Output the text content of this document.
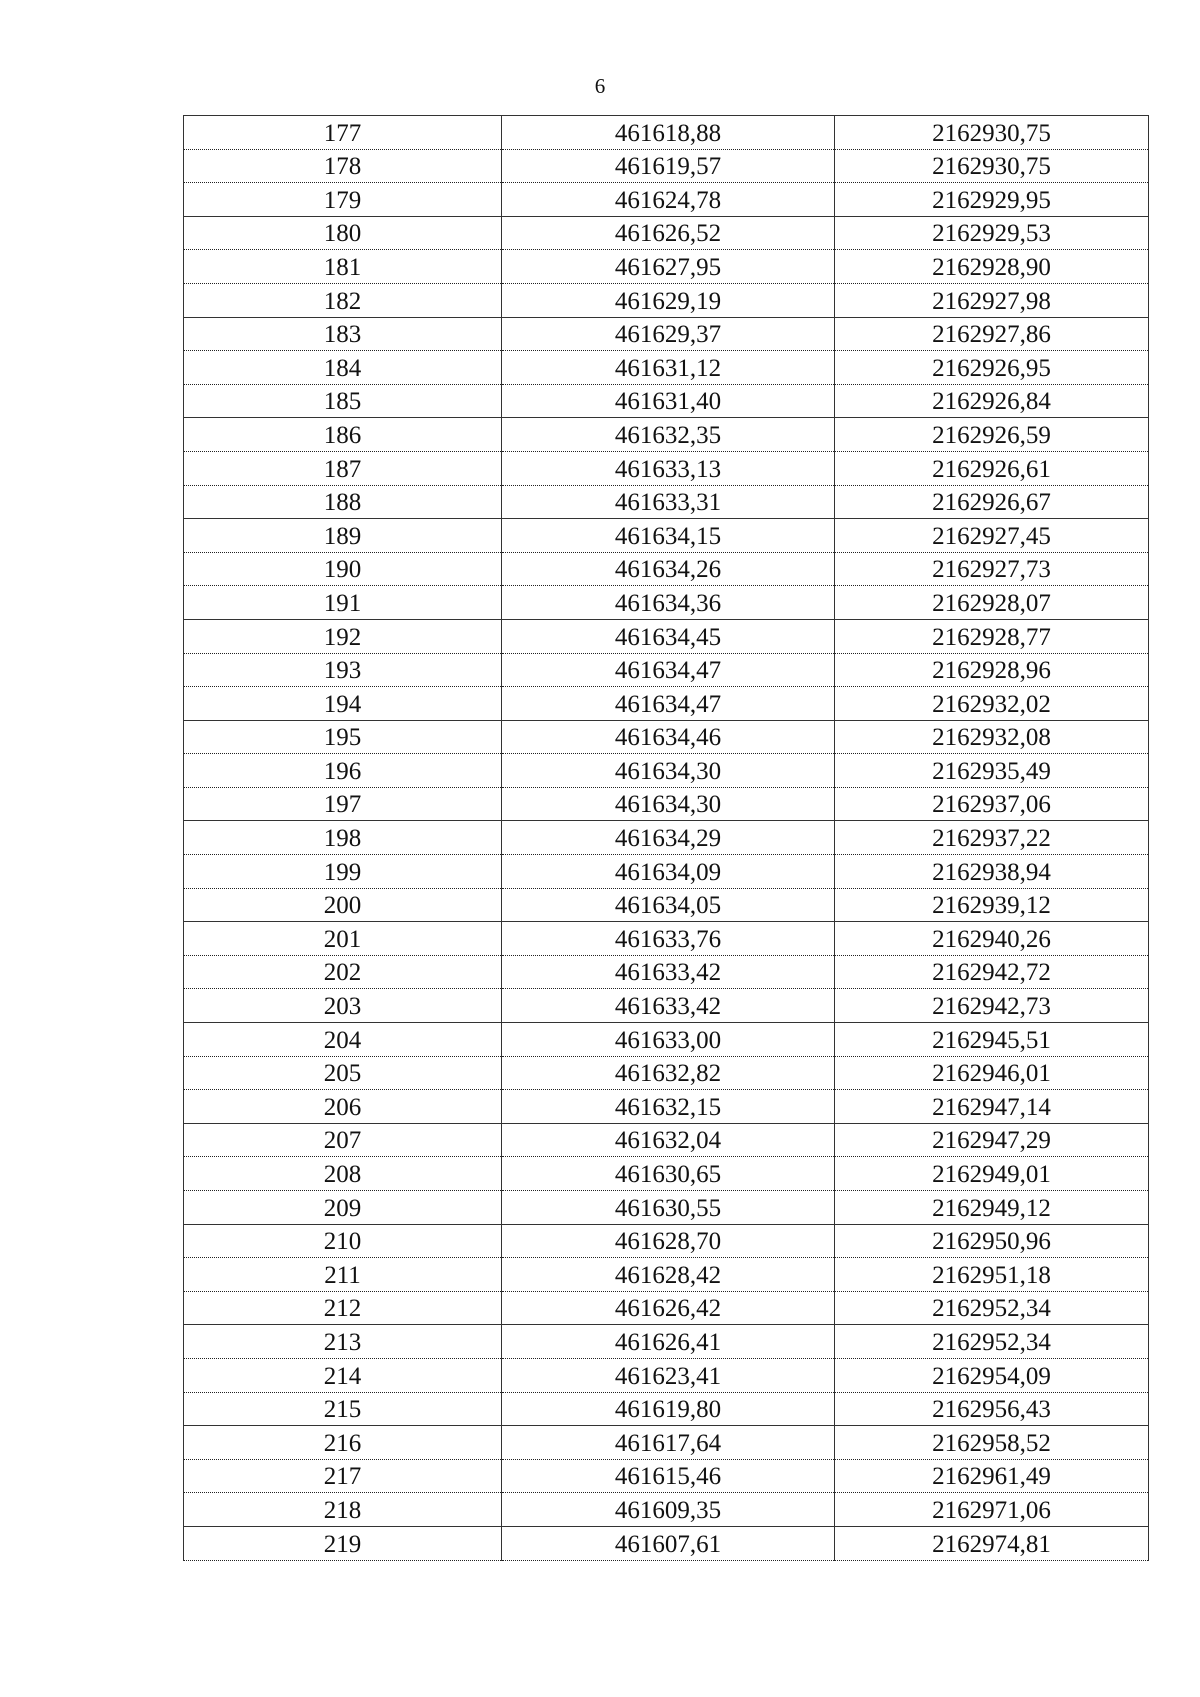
6
177	461618,88	2162930,75
178	461619,57	2162930,75
179	461624,78	2162929,95
180	461626,52	2162929,53
181	461627,95	2162928,90
182	461629,19	2162927,98
183	461629,37	2162927,86
184	461631,12	2162926,95
185	461631,40	2162926,84
186	461632,35	2162926,59
187	461633,13	2162926,61
188	461633,31	2162926,67
189	461634,15	2162927,45
190	461634,26	2162927,73
191	461634,36	2162928,07
192	461634,45	2162928,77
193	461634,47	2162928,96
194	461634,47	2162932,02
195	461634,46	2162932,08
196	461634,30	2162935,49
197	461634,30	2162937,06
198	461634,29	2162937,22
199	461634,09	2162938,94
200	461634,05	2162939,12
201	461633,76	2162940,26
202	461633,42	2162942,72
203	461633,42	2162942,73
204	461633,00	2162945,51
205	461632,82	2162946,01
206	461632,15	2162947,14
207	461632,04	2162947,29
208	461630,65	2162949,01
209	461630,55	2162949,12
210	461628,70	2162950,96
211	461628,42	2162951,18
212	461626,42	2162952,34
213	461626,41	2162952,34
214	461623,41	2162954,09
215	461619,80	2162956,43
216	461617,64	2162958,52
217	461615,46	2162961,49
218	461609,35	2162971,06
219	461607,61	2162974,81
